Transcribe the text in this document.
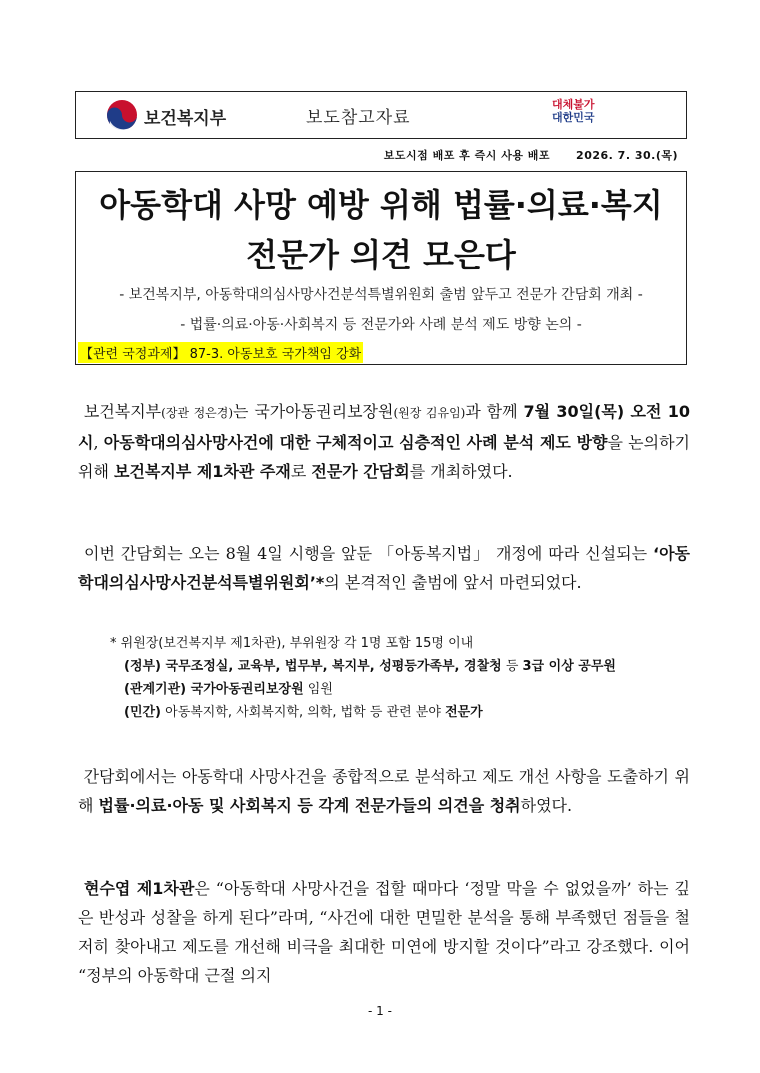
보건복지부	보도참고자료
대체불가
대한민국
보도시점 배포 후 즉시 사용 배포 2026. 7. 30.(목)
아동학대 사망 예방 위해 법률·의료·복지
전문가 의견 모은다
- 보건복지부, 아동학대의심사망사건분석특별위원회 출범 앞두고 전문가 간담회 개최 -
- 법률·의료·아동·사회복지 등 전문가와 사례 분석 제도 방향 논의 -
【관련 국정과제】 87-3. 아동보호 국가책임 강화
보건복지부(장관 정은경)는 국가아동권리보장원(원장 김유임)과 함께 7월 30일(목) 오전 10시, 아동학대의심사망사건에 대한 구체적이고 심층적인 사례 분석 제도 방향을 논의하기 위해 보건복지부 제1차관 주재로 전문가 간담회를 개최하였다.
이번 간담회는 오는 8월 4일 시행을 앞둔 「아동복지법」 개정에 따라 신설되는 ‘아동학대의심사망사건분석특별위원회’*의 본격적인 출범에 앞서 마련되었다.
* 위원장(보건복지부 제1차관), 부위원장 각 1명 포함 15명 이내
(정부) 국무조정실, 교육부, 법무부, 복지부, 성평등가족부, 경찰청 등 3급 이상 공무원
(관계기관) 국가아동권리보장원 임원
(민간) 아동복지학, 사회복지학, 의학, 법학 등 관련 분야 전문가
간담회에서는 아동학대 사망사건을 종합적으로 분석하고 제도 개선 사항을 도출하기 위해 법률·의료·아동 및 사회복지 등 각계 전문가들의 의견을 청취하였다.
현수엽 제1차관은 “아동학대 사망사건을 접할 때마다 ‘정말 막을 수 없었을까’ 하는 깊은 반성과 성찰을 하게 된다”라며, “사건에 대한 면밀한 분석을 통해 부족했던 점들을 철저히 찾아내고 제도를 개선해 비극을 최대한 미연에 방지할 것이다”라고 강조했다. 이어 “정부의 아동학대 근절 의지
- 1 -
